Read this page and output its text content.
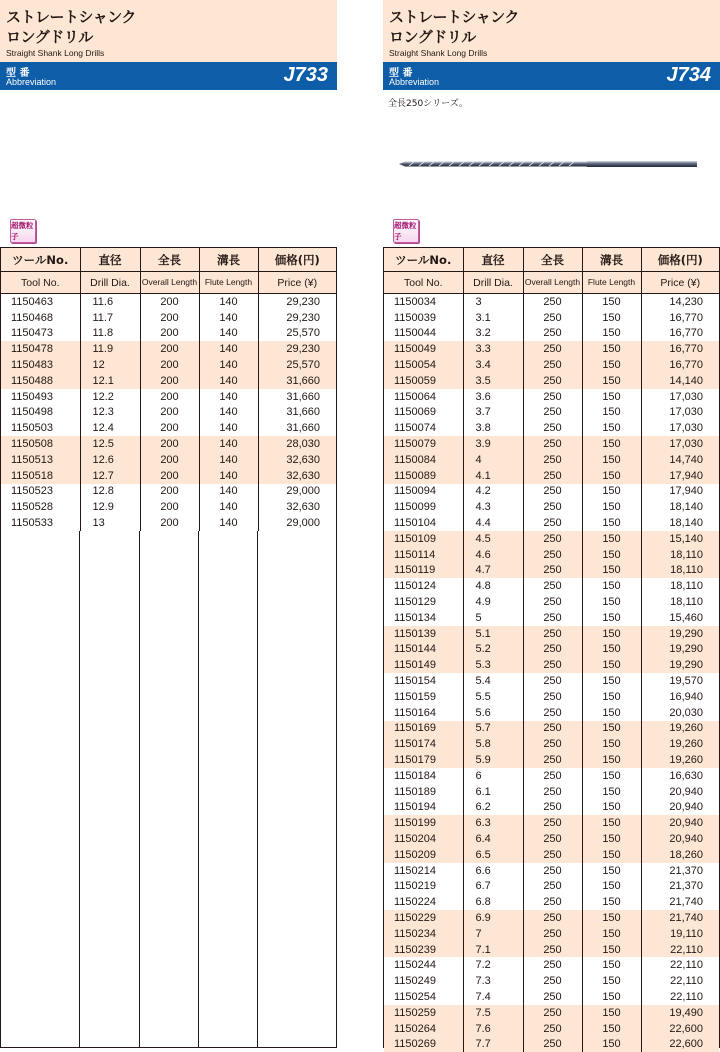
ストレートシャンク
ロングドリル
Straight Shank Long Drills
型 番
Abbreviation	J733
超微粒子
ツールNo.	直径	全長	溝長	価格(円)
Tool No.	Drill Dia.	Overall Length	Flute Length	Price (¥)
1150463	11.6	200	140	29,230
1150468	11.7	200	140	29,230
1150473	11.8	200	140	25,570
1150478	11.9	200	140	29,230
1150483	12	200	140	25,570
1150488	12.1	200	140	31,660
1150493	12.2	200	140	31,660
1150498	12.3	200	140	31,660
1150503	12.4	200	140	31,660
1150508	12.5	200	140	28,030
1150513	12.6	200	140	32,630
1150518	12.7	200	140	32,630
1150523	12.8	200	140	29,000
1150528	12.9	200	140	32,630
1150533	13	200	140	29,000
ストレートシャンク
ロングドリル
Straight Shank Long Drills
型 番
Abbreviation	J734
全長250シリーズ。
超微粒子
ツールNo.	直径	全長	溝長	価格(円)
Tool No.	Drill Dia.	Overall Length	Flute Length	Price (¥)
1150034	3	250	150	14,230
1150039	3.1	250	150	16,770
1150044	3.2	250	150	16,770
1150049	3.3	250	150	16,770
1150054	3.4	250	150	16,770
1150059	3.5	250	150	14,140
1150064	3.6	250	150	17,030
1150069	3.7	250	150	17,030
1150074	3.8	250	150	17,030
1150079	3.9	250	150	17,030
1150084	4	250	150	14,740
1150089	4.1	250	150	17,940
1150094	4.2	250	150	17,940
1150099	4.3	250	150	18,140
1150104	4.4	250	150	18,140
1150109	4.5	250	150	15,140
1150114	4.6	250	150	18,110
1150119	4.7	250	150	18,110
1150124	4.8	250	150	18,110
1150129	4.9	250	150	18,110
1150134	5	250	150	15,460
1150139	5.1	250	150	19,290
1150144	5.2	250	150	19,290
1150149	5.3	250	150	19,290
1150154	5.4	250	150	19,570
1150159	5.5	250	150	16,940
1150164	5.6	250	150	20,030
1150169	5.7	250	150	19,260
1150174	5.8	250	150	19,260
1150179	5.9	250	150	19,260
1150184	6	250	150	16,630
1150189	6.1	250	150	20,940
1150194	6.2	250	150	20,940
1150199	6.3	250	150	20,940
1150204	6.4	250	150	20,940
1150209	6.5	250	150	18,260
1150214	6.6	250	150	21,370
1150219	6.7	250	150	21,370
1150224	6.8	250	150	21,740
1150229	6.9	250	150	21,740
1150234	7	250	150	19,110
1150239	7.1	250	150	22,110
1150244	7.2	250	150	22,110
1150249	7.3	250	150	22,110
1150254	7.4	250	150	22,110
1150259	7.5	250	150	19,490
1150264	7.6	250	150	22,600
1150269	7.7	250	150	22,600
